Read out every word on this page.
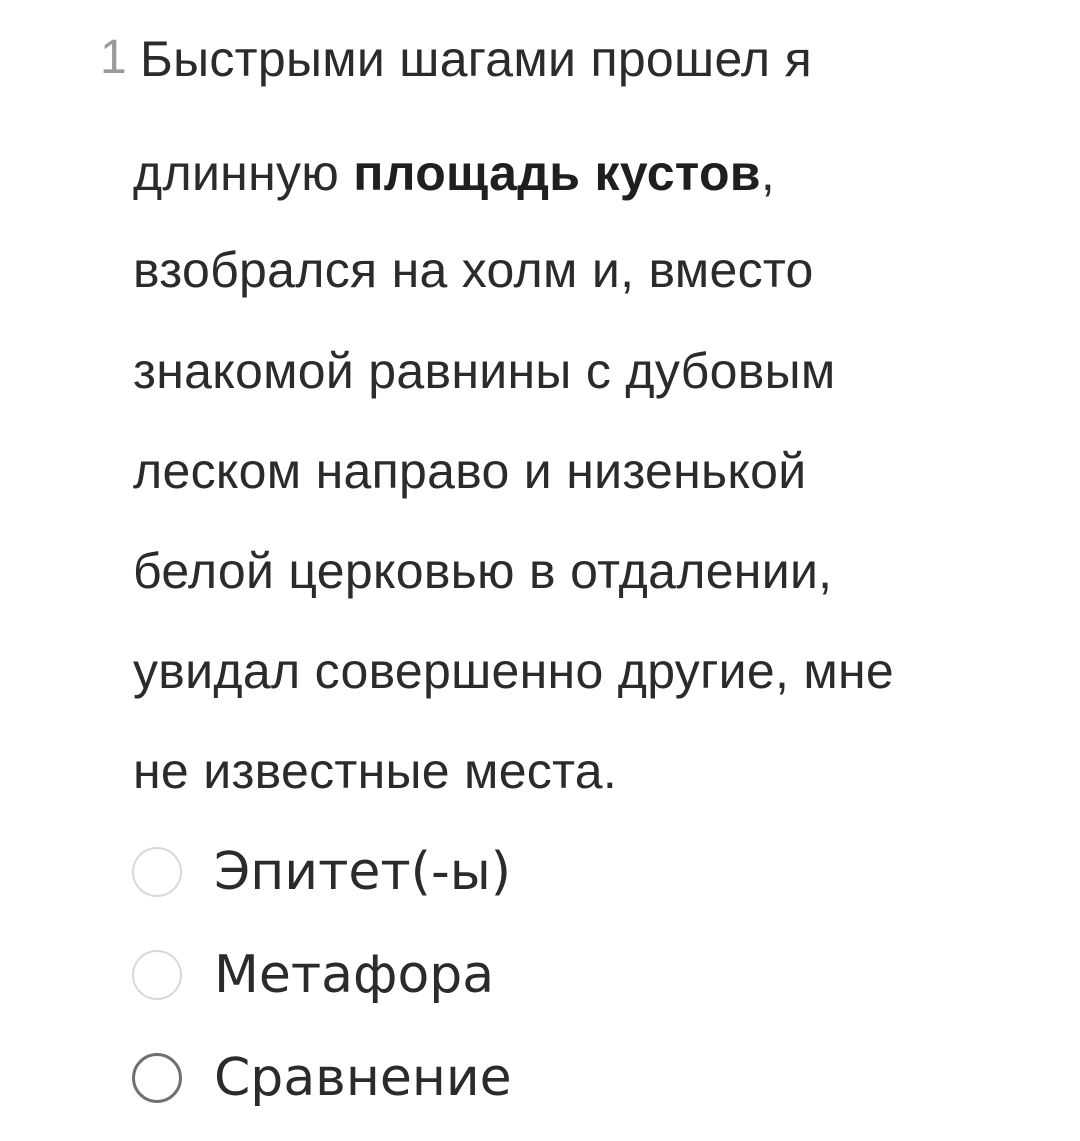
1 Быстрыми шагами прошел я
длинную площадь кустов,
взобрался на холм и, вместо
знакомой равнины с дубовым
леском направо и низенькой
белой церковью в отдалении,
увидал совершенно другие, мне
не известные места.
Эпитет(-ы)
Метафора
Сравнение
